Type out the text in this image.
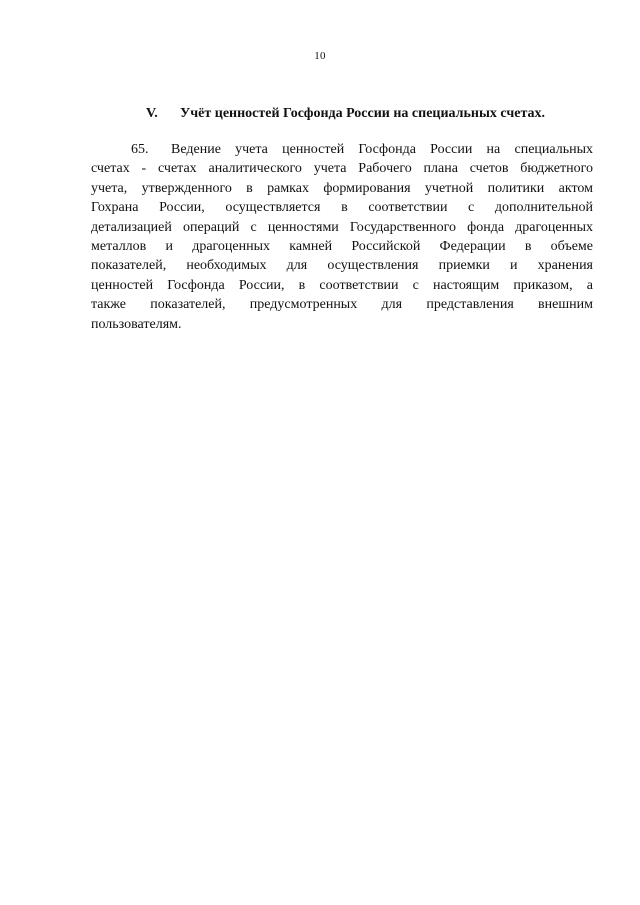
10
V. Учёт ценностей Госфонда России на специальных счетах.
65. Ведение учета ценностей Госфонда России на специальных
счетах - счетах аналитического учета Рабочего плана счетов бюджетного
учета, утвержденного в рамках формирования учетной политики актом
Гохрана России, осуществляется в соответствии с дополнительной
детализацией операций с ценностями Государственного фонда драгоценных
металлов и драгоценных камней Российской Федерации в объеме
показателей, необходимых для осуществления приемки и хранения
ценностей Госфонда России, в соответствии с настоящим приказом, а
также показателей, предусмотренных для представления внешним
пользователям.
